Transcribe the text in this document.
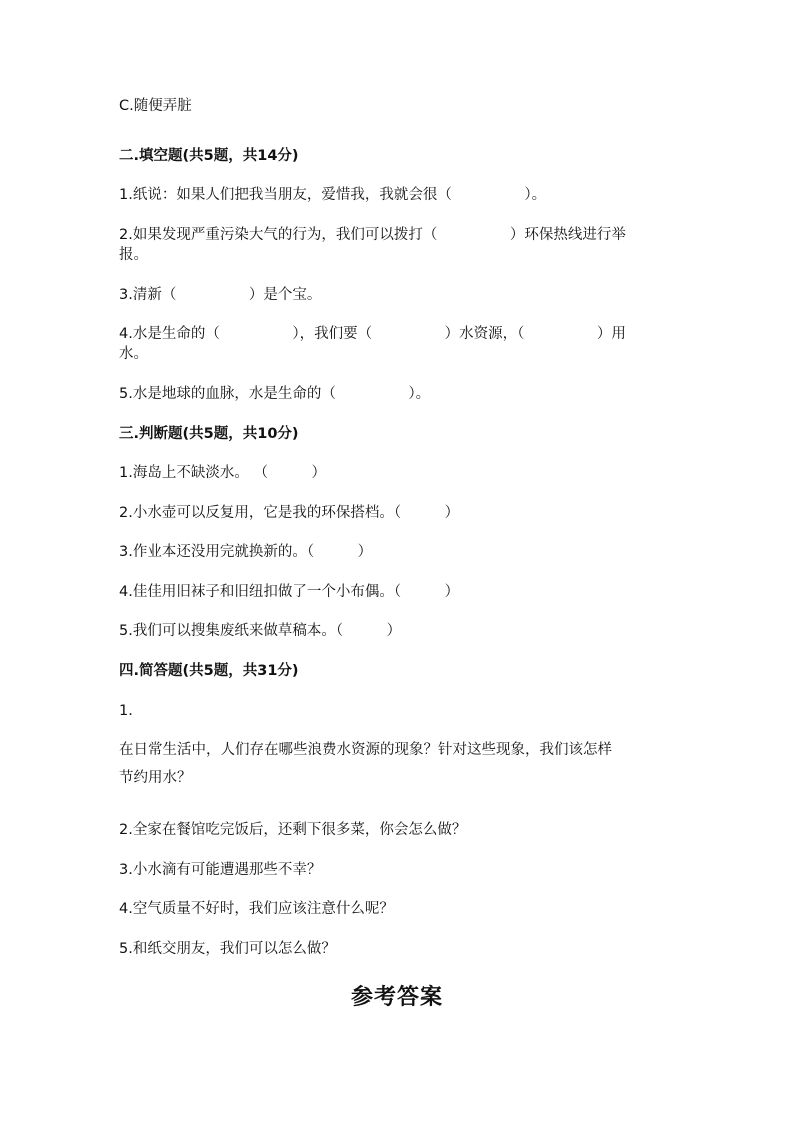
C.随便弄脏
二.填空题(共5题，共14分)
1.纸说：如果人们把我当朋友，爱惜我，我就会很（　　　　　）。
2.如果发现严重污染大气的行为，我们可以拨打（　　　　　）环保热线进行举
报。
3.清新（　　　　　）是个宝。
4.水是生命的（　　　　　），我们要（　　　　　）水资源，（　　　　　）用
水。
5.水是地球的血脉，水是生命的（　　　　　）。
三.判断题(共5题，共10分)
1.海岛上不缺淡水。 （　　　）
2.小水壶可以反复用，它是我的环保搭档。（　　　）
3.作业本还没用完就换新的。（　　　）
4.佳佳用旧袜子和旧纽扣做了一个小布偶。（　　　）
5.我们可以搜集废纸来做草稿本。（　　　）
四.简答题(共5题，共31分)
1.
在日常生活中，人们存在哪些浪费水资源的现象？针对这些现象，我们该怎样
节约用水？
2.全家在餐馆吃完饭后，还剩下很多菜，你会怎么做？
3.小水滴有可能遭遇那些不幸？
4.空气质量不好时，我们应该注意什么呢？
5.和纸交朋友，我们可以怎么做？
参考答案
